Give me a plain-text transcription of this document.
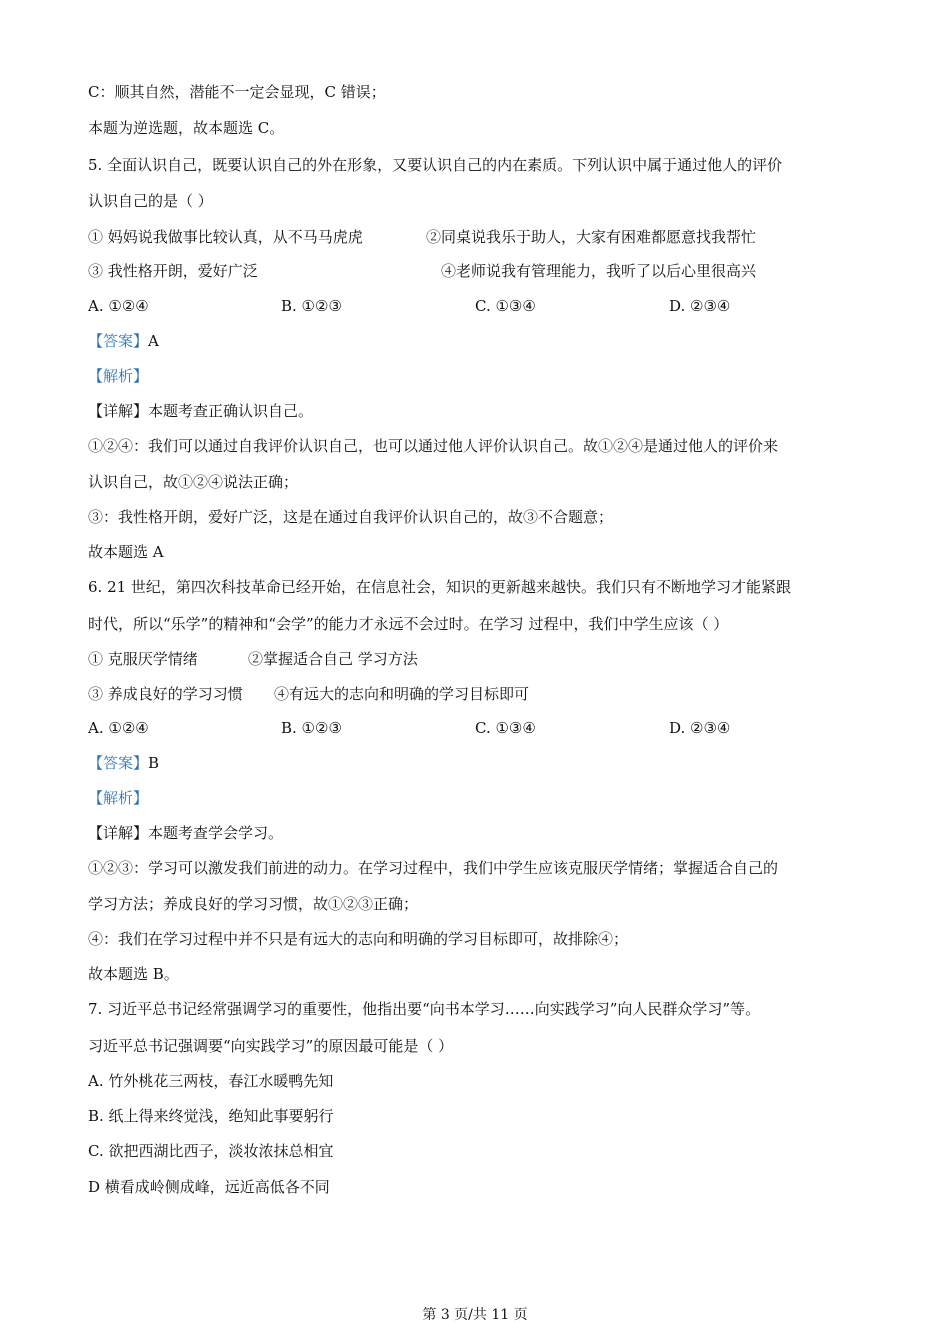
C：顺其自然，潜能不一定会显现，C 错误；

本题为逆选题，故本题选 C。

5. 全面认识自己，既要认识自己的外在形象，又要认识自己的内在素质。下列认识中属于通过他人的评价

认识自己的是（ ）

① 妈妈说我做事比较认真，从不马马虎虎	②同桌说我乐于助人，大家有困难都愿意找我帮忙
③ 我性格开朗，爱好广泛	④老师说我有管理能力，我听了以后心里很高兴
A. ①②④	B. ①②③	C. ①③④	D. ②③④

【答案】A

【解析】

【详解】本题考查正确认识自己。

①②④：我们可以通过自我评价认识自己，也可以通过他人评价认识自己。故①②④是通过他人的评价来

认识自己，故①②④说法正确；

③：我性格开朗，爱好广泛，这是在通过自我评价认识自己的，故③不合题意；

故本题选 A

6. 21 世纪，第四次科技革命已经开始，在信息社会，知识的更新越来越快。我们只有不断地学习才能紧跟

时代，所以“乐学”的精神和“会学”的能力才永远不会过时。在学习 过程中，我们中学生应该（ ）

① 克服厌学情绪	②掌握适合自己 学习方法
③ 养成良好的学习习惯 ④有远大的志向和明确的学习目标即可
A. ①②④	B. ①②③	C. ①③④	D. ②③④

【答案】B

【解析】

【详解】本题考查学会学习。

①②③：学习可以激发我们前进的动力。在学习过程中，我们中学生应该克服厌学情绪；掌握适合自己的

学习方法；养成良好的学习习惯，故①②③正确；

④：我们在学习过程中并不只是有远大的志向和明确的学习目标即可，故排除④；

故本题选 B。

7. 习近平总书记经常强调学习的重要性，他指出要“向书本学习……向实践学习”向人民群众学习”等。

习近平总书记强调要“向实践学习”的原因最可能是（ ）

A. 竹外桃花三两枝，春江水暖鸭先知

B. 纸上得来终觉浅，绝知此事要躬行

C. 欲把西湖比西子，淡妆浓抹总相宜

D 横看成岭侧成峰，远近高低各不同

第 3 页/共 11 页
